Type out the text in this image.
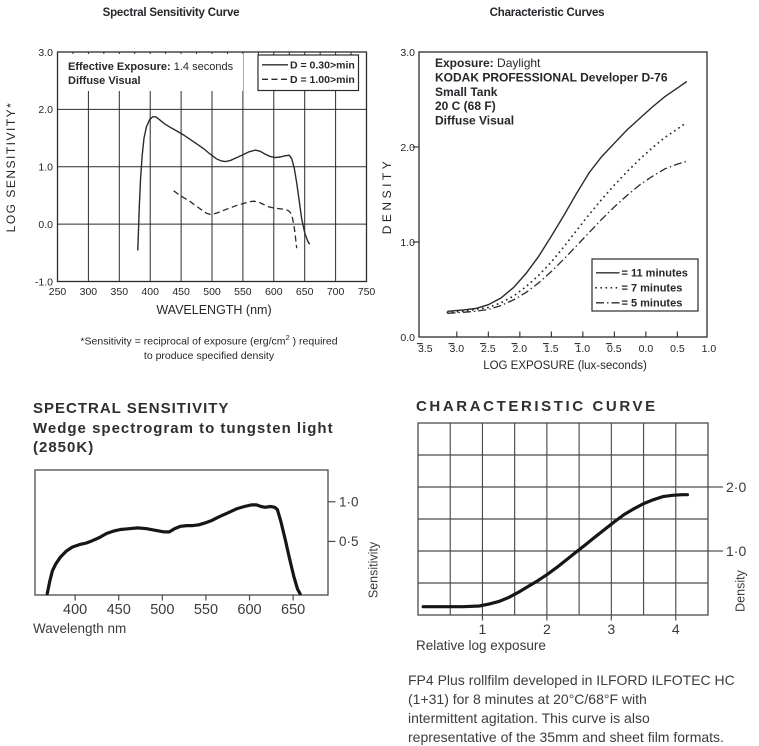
Spectral Sensitivity Curve	Characteristic Curves
250 300 350 400 450 500 550 600 650 700 750
-1.0
0.0
1.0
2.0
3.0
WAVELENGTH (nm)
LOG SENSITIVITY*
Effective Exposure: 1.4 seconds
Diffuse Visual
D = 0.30>min
D = 1.00>min
3.5 3.0 2.5 2.0 1.5 1.0 0.5 0.0 0.5 1.0
0.0
1.0
2.0
3.0
LOG EXPOSURE (lux-seconds)
DENSITY
Exposure: Daylight
KODAK PROFESSIONAL Developer D-76
Small Tank
20 C (68 F)
Diffuse Visual
= 11 minutes
= 7 minutes
= 5 minutes
*Sensitivity = reciprocal of exposure ($erg/cm^2$ ) required
to produce specified density
SPECTRAL SENSITIVITY
Wedge spectrogram to tungsten light
(2850K)
CHARACTERISTIC CURVE
400 450 500 550 600 650
1·0
0·5
Wavelength nm
Sensitivity
1	2	3	4
2·0
1·0
Relative log exposure
Density
FP4 Plus rollfilm developed in ILFORD ILFOTEC HC
(1+31) for 8 minutes at 20°C/68°F with
intermittent agitation. This curve is also
representative of the 35mm and sheet film formats.
